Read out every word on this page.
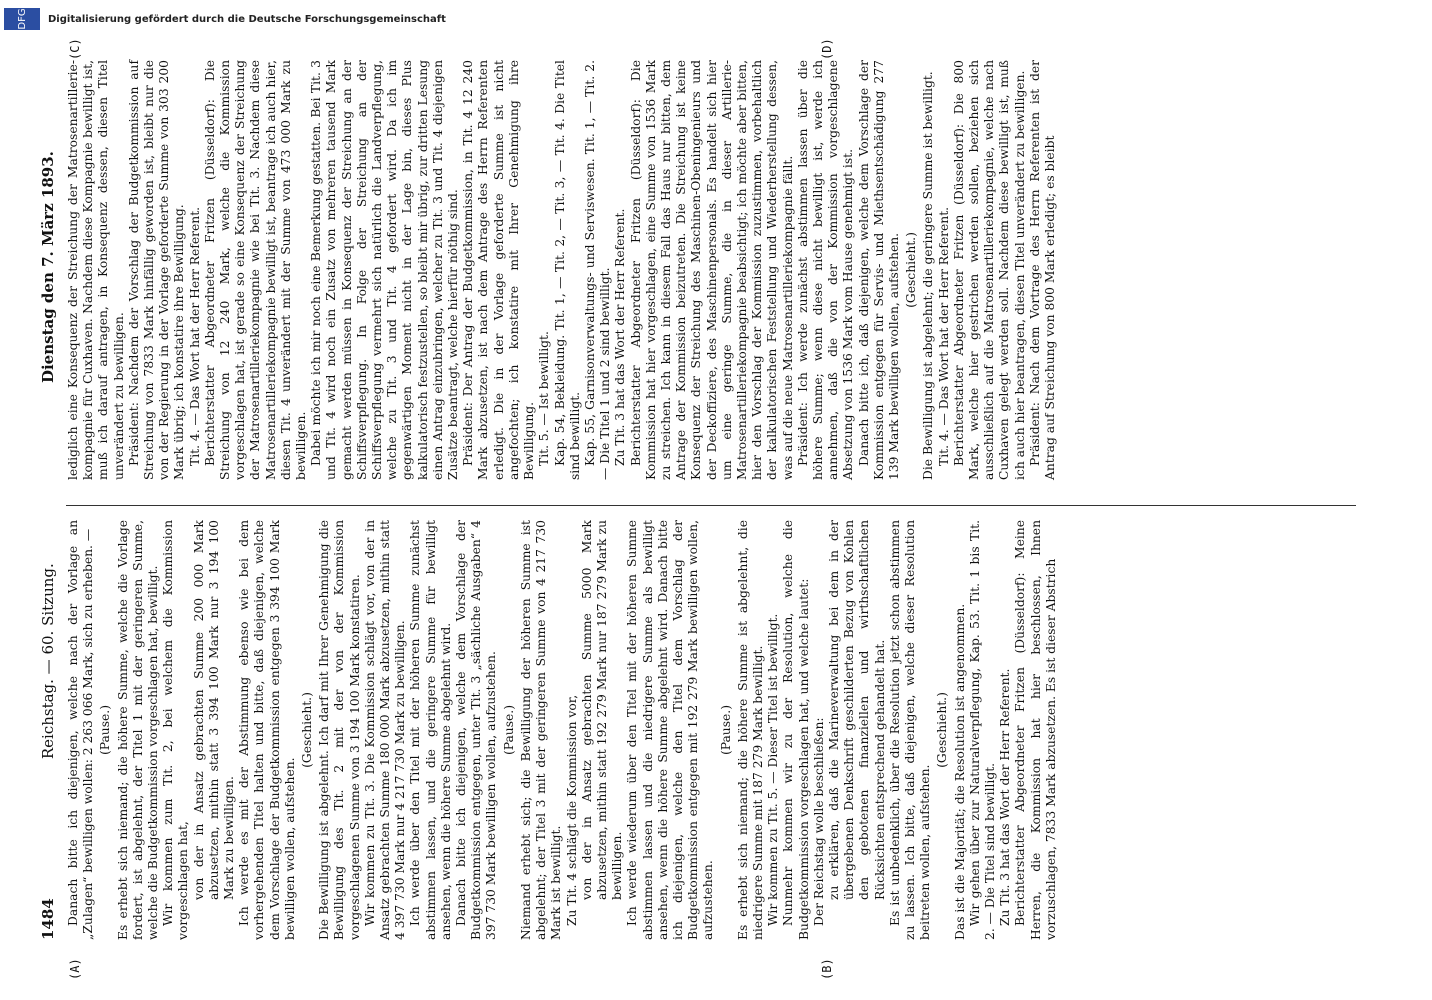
1484
Reichstag. — 60. Sitzung.
Dienstag den 7. März 1893.
(A)	(B)
(C)	(D)

Danach bitte ich diejenigen, welche nach der Vorlage an „Zulagen“ bewilligen wollen: 2 263 066 Mark, sich zu erheben. — (Pause.) Es erhebt sich niemand; die höhere Summe, welche die Vorlage fordert, ist abgelehnt, der Titel 1 mit der geringeren Summe, welche die Budgetkommission vorgeschlagen hat, bewilligt. Wir kommen zum Tit. 2, bei welchem die Kommission vorgeschlagen hat, von der in Ansatz gebrachten Summe 200 000 Mark abzusetzen, mithin statt 3 394 100 Mark nur 3 194 100 Mark zu bewilligen. Ich werde es mit der Abstimmung ebenso wie bei dem vorhergehenden Titel halten und bitte, daß diejenigen, welche dem Vorschlage der Budgetkommission entgegen 3 394 100 Mark bewilligen wollen, aufstehen.

(Geschieht.) Die Bewilligung ist abgelehnt. Ich darf mit Ihrer Genehmigung die Bewilligung des Tit. 2 mit der von der Kommission vorgeschlagenen Summe von 3 194 100 Mark konstatiren. Wir kommen zu Tit. 3. Die Kommission schlägt vor, von der in Ansatz gebrachten Summe 180 000 Mark abzusetzen, mithin statt 4 397 730 Mark nur 4 217 730 Mark zu bewilligen. Ich werde über den Titel mit der höheren Summe zunächst abstimmen lassen, und die geringere Summe für bewilligt ansehen, wenn die höhere Summe abgelehnt wird. Danach bitte ich diejenigen, welche dem Vorschlage der Budgetkommission entgegen, unter Tit. 3 „sächliche Ausgaben“ 4 397 730 Mark bewilligen wollen, aufzustehen. (Pause.) Niemand erhebt sich; die Bewilligung der höheren Summe ist abgelehnt; der Titel 3 mit der geringeren Summe von 4 217 730 Mark ist bewilligt. Zu Tit. 4 schlägt die Kommission vor, von der in Ansatz gebrachten Summe 5000 Mark abzusetzen, mithin statt 192 279 Mark nur 187 279 Mark zu bewilligen. Ich werde wiederum über den Titel mit der höheren Summe abstimmen lassen und die niedrigere Summe als bewilligt ansehen, wenn die höhere Summe abgelehnt wird. Danach bitte ich diejenigen, welche den Titel dem Vorschlag der Budgetkommission entgegen mit 192 279 Mark bewilligen wollen, aufzustehen.

(Pause.) Es erhebt sich niemand; die höhere Summe ist abgelehnt, die niedrigere Summe mit 187 279 Mark bewilligt. Wir kommen zu Tit. 5. — Dieser Titel ist bewilligt. Nunmehr kommen wir zu der Resolution, welche die Budgetkommission vorgeschlagen hat, und welche lautet: Der Reichstag wolle beschließen: zu erklären, daß die Marineverwaltung bei dem in der übergebenen Denkschrift geschilderten Bezug von Kohlen den gebotenen finanziellen und wirthschaftlichen Rücksichten entsprechend gehandelt hat. Es ist unbedenklich, über die Resolution jetzt schon abstimmen zu lassen. Ich bitte, daß diejenigen, welche dieser Resolution beitreten wollen, aufstehen.

(Geschieht.) Das ist die Majorität; die Resolution ist angenommen. Wir gehen über zur Naturalverpflegung, Kap. 53. Tit. 1 bis Tit. 2. — Die Titel sind bewilligt. Zu Tit. 3 hat das Wort der Herr Referent. Berichterstatter Abgeordneter Fritzen (Düsseldorf): Meine Herren, die Kommission hat hier beschlossen, Ihnen vorzuschlagen, 7833 Mark abzusetzen. Es ist dieser Abstrich

lediglich eine Konsequenz der Streichung der Matrosenartillerie-kompagnie für Cuxhaven. Nachdem diese Kompagnie bewilligt ist, muß ich darauf antragen, in Konsequenz dessen, diesen Titel unverändert zu bewilligen. Präsident: Nachdem der Vorschlag der Budgetkommission auf Streichung von 7833 Mark hinfällig geworden ist, bleibt nur die von der Regierung in der Vorlage geforderte Summe von 303 200 Mark übrig; ich konstatire ihre Bewilligung. Tit. 4. — Das Wort hat der Herr Referent. Berichterstatter Abgeordneter Fritzen (Düsseldorf): Die Streichung von 12 240 Mark, welche die Kommission vorgeschlagen hat, ist gerade so eine Konsequenz der Streichung der Matrosenartilleriekompagnie wie bei Tit. 3. Nachdem diese Matrosenartilleriekompagnie bewilligt ist, beantrage ich auch hier, diesen Tit. 4 unverändert mit der Summe von 473 000 Mark zu bewilligen. Dabei möchte ich mir noch eine Bemerkung gestatten. Bei Tit. 3 und Tit. 4 wird noch ein Zusatz von mehreren tausend Mark gemacht werden müssen in Konsequenz der Streichung an der Schiffsverpflegung. In Folge der Streichung an der Schiffsverpflegung vermehrt sich natürlich die Landverpflegung, welche zu Tit. 3 und Tit. 4 gefordert wird. Da ich im gegenwärtigen Moment nicht in der Lage bin, dieses Plus kalkulatorisch festzustellen, so bleibt mir übrig, zur dritten Lesung einen Antrag einzubringen, welcher zu Tit. 3 und Tit. 4 diejenigen Zusätze beantragt, welche hierfür nöthig sind. Präsident: Der Antrag der Budgetkommission, in Tit. 4 12 240 Mark abzusetzen, ist nach dem Antrage des Herrn Referenten erledigt. Die in der Vorlage geforderte Summe ist nicht angefochten; ich konstatire mit Ihrer Genehmigung ihre Bewilligung. Tit. 5. — Ist bewilligt. Kap. 54, Bekleidung. Tit. 1, — Tit. 2, — Tit. 3, — Tit. 4. Die Titel sind bewilligt. Kap. 55, Garnisonverwaltungs- und Serviswesen. Tit. 1, — Tit. 2. — Die Titel 1 und 2 sind bewilligt. Zu Tit. 3 hat das Wort der Herr Referent. Berichterstatter Abgeordneter Fritzen (Düsseldorf): Die Kommission hat hier vorgeschlagen, eine Summe von 1536 Mark zu streichen. Ich kann in diesem Fall das Haus nur bitten, dem Antrage der Kommission beizutreten. Die Streichung ist keine Konsequenz der Streichung des Maschinen-Obeningenieurs und der Deckoffiziere, des Maschinenpersonals. Es handelt sich hier um eine geringe Summe, die in dieser Artillerie-Matrosenartilleriekompagnie beabsichtigt; ich möchte aber bitten, hier den Vorschlag der Kommission zuzustimmen, vorbehaltlich der kalkulatorischen Feststellung und Wiederherstellung dessen, was auf die neue Matrosenartilleriekompagnie fällt. Präsident: Ich werde zunächst abstimmen lassen über die höhere Summe; wenn diese nicht bewilligt ist, werde ich annehmen, daß die von der Kommission vorgeschlagene Absetzung von 1536 Mark vom Hause genehmigt ist. Danach bitte ich, daß diejenigen, welche dem Vorschlage der Kommission entgegen für Servis- und Miethsentschädigung 277 139 Mark bewilligen wollen, aufstehen. (Geschieht.) Die Bewilligung ist abgelehnt; die geringere Summe ist bewilligt. Tit. 4. — Das Wort hat der Herr Referent. Berichterstatter Abgeordneter Fritzen (Düsseldorf): Die 800 Mark, welche hier gestrichen werden sollen, beziehen sich ausschließlich auf die Matrosenartilleriekompagnie, welche nach Cuxhaven gelegt werden soll. Nachdem diese bewilligt ist, muß ich auch hier beantragen, diesen Titel unverändert zu bewilligen. Präsident: Nach dem Vortrage des Herrn Referenten ist der Antrag auf Streichung von 800 Mark erledigt; es bleibt

DFG	Digitalisierung gefördert durch die Deutsche Forschungsgemeinschaft
